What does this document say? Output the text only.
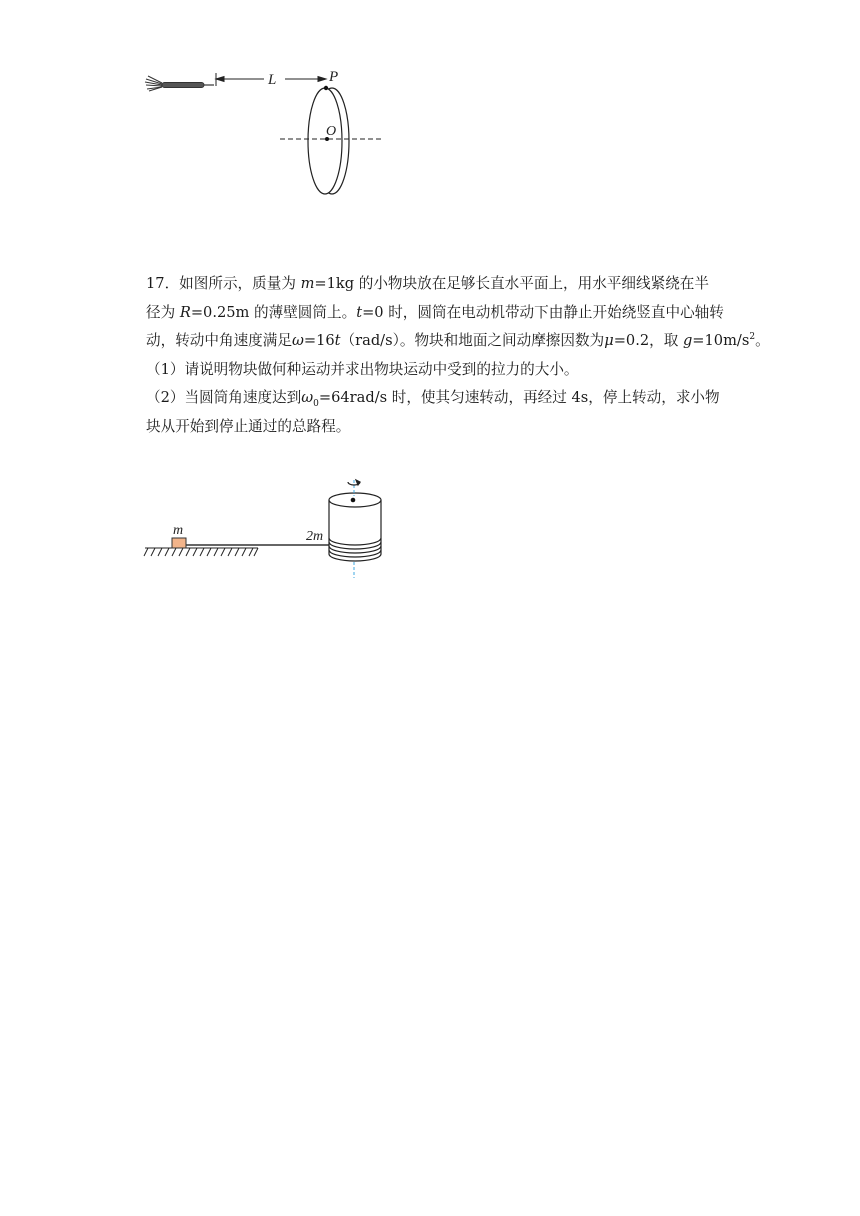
L	P
O

17．如图所示，质量为 m=1kg 的小物块放在足够长直水平面上，用水平细线紧绕在半

径为 R=0.25m 的薄壁圆筒上。t=0 时，圆筒在电动机带动下由静止开始绕竖直中心轴转

动，转动中角速度满足ω=16t（rad/s）。物块和地面之间动摩擦因数为μ=0.2，取 $g=10m/s^2$。

（1）请说明物块做何种运动并求出物块运动中受到的拉力的大小。

（2）当圆筒角速度达到$\omega_0=64rad/s$ 时，使其匀速转动，再经过 4s，停上转动，求小物

块从开始到停止通过的总路程。

m	2m
